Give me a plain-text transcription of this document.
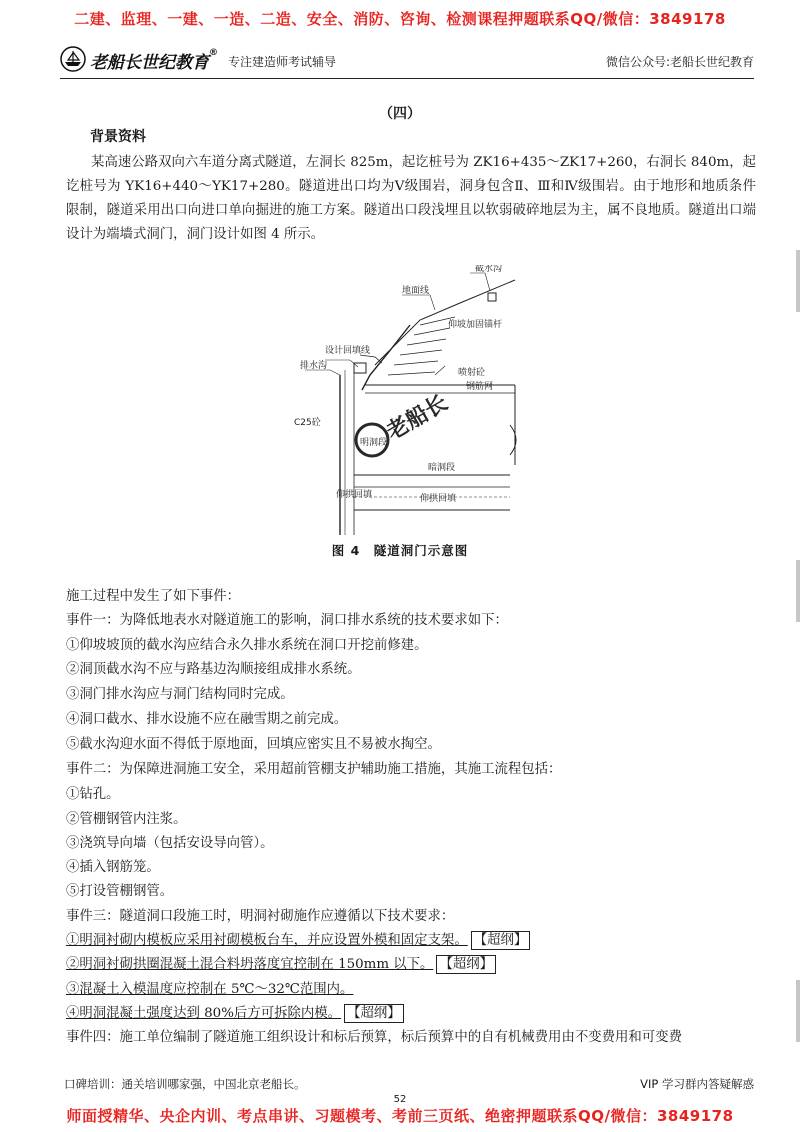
二建、监理、一建、一造、二造、安全、消防、咨询、检测课程押题联系QQ/微信：3849178
老船长世纪教育®
专注建造师考试辅导	微信公众号:老船长世纪教育
（四）
背景资料
某高速公路双向六车道分离式隧道，左洞长 825m，起讫桩号为 ZK16+435～ZK17+260，右洞长 840m，起讫桩号为 YK16+440～YK17+280。隧道进出口均为Ⅴ级围岩，洞身包含Ⅱ、Ⅲ和Ⅳ级围岩。由于地形和地质条件限制，隧道采用出口向进口单向掘进的施工方案。隧道出口段浅埋且以软弱破碎地层为主，属不良地质。隧道出口端设计为端墙式洞门，洞门设计如图 4 所示。
老船长
截水沟
地面线
仰坡加固锚杆
设计回填线
排水沟
喷射砼
钢筋网
C25砼
暗洞段
仰拱回填	仰拱回填
明洞段
图 4　隧道洞门示意图
施工过程中发生了如下事件：
事件一：为降低地表水对隧道施工的影响，洞口排水系统的技术要求如下：
①仰坡坡顶的截水沟应结合永久排水系统在洞口开挖前修建。
②洞顶截水沟不应与路基边沟顺接组成排水系统。
③洞门排水沟应与洞门结构同时完成。
④洞口截水、排水设施不应在融雪期之前完成。
⑤截水沟迎水面不得低于原地面，回填应密实且不易被水掏空。
事件二：为保障进洞施工安全，采用超前管棚支护辅助施工措施，其施工流程包括：
①钻孔。
②管棚钢管内注浆。
③浇筑导向墙（包括安设导向管）。
④插入钢筋笼。
⑤打设管棚钢管。
事件三：隧道洞口段施工时，明洞衬砌施作应遵循以下技术要求：
①明洞衬砌内模板应采用衬砌模板台车，并应设置外模和固定支架。 【超纲】
②明洞衬砌拱圈混凝土混合料坍落度宜控制在 150mm 以下。 【超纲】
③混凝土入模温度应控制在 5℃～32℃范围内。
④明洞混凝土强度达到 80%后方可拆除内模。 【超纲】
事件四：施工单位编制了隧道施工组织设计和标后预算，标后预算中的自有机械费用由不变费用和可变费
口碑培训：通关培训哪家强，中国北京老船长。	VIP 学习群内答疑解惑
52
师面授精华、央企内训、考点串讲、习题模考、考前三页纸、绝密押题联系QQ/微信：3849178
